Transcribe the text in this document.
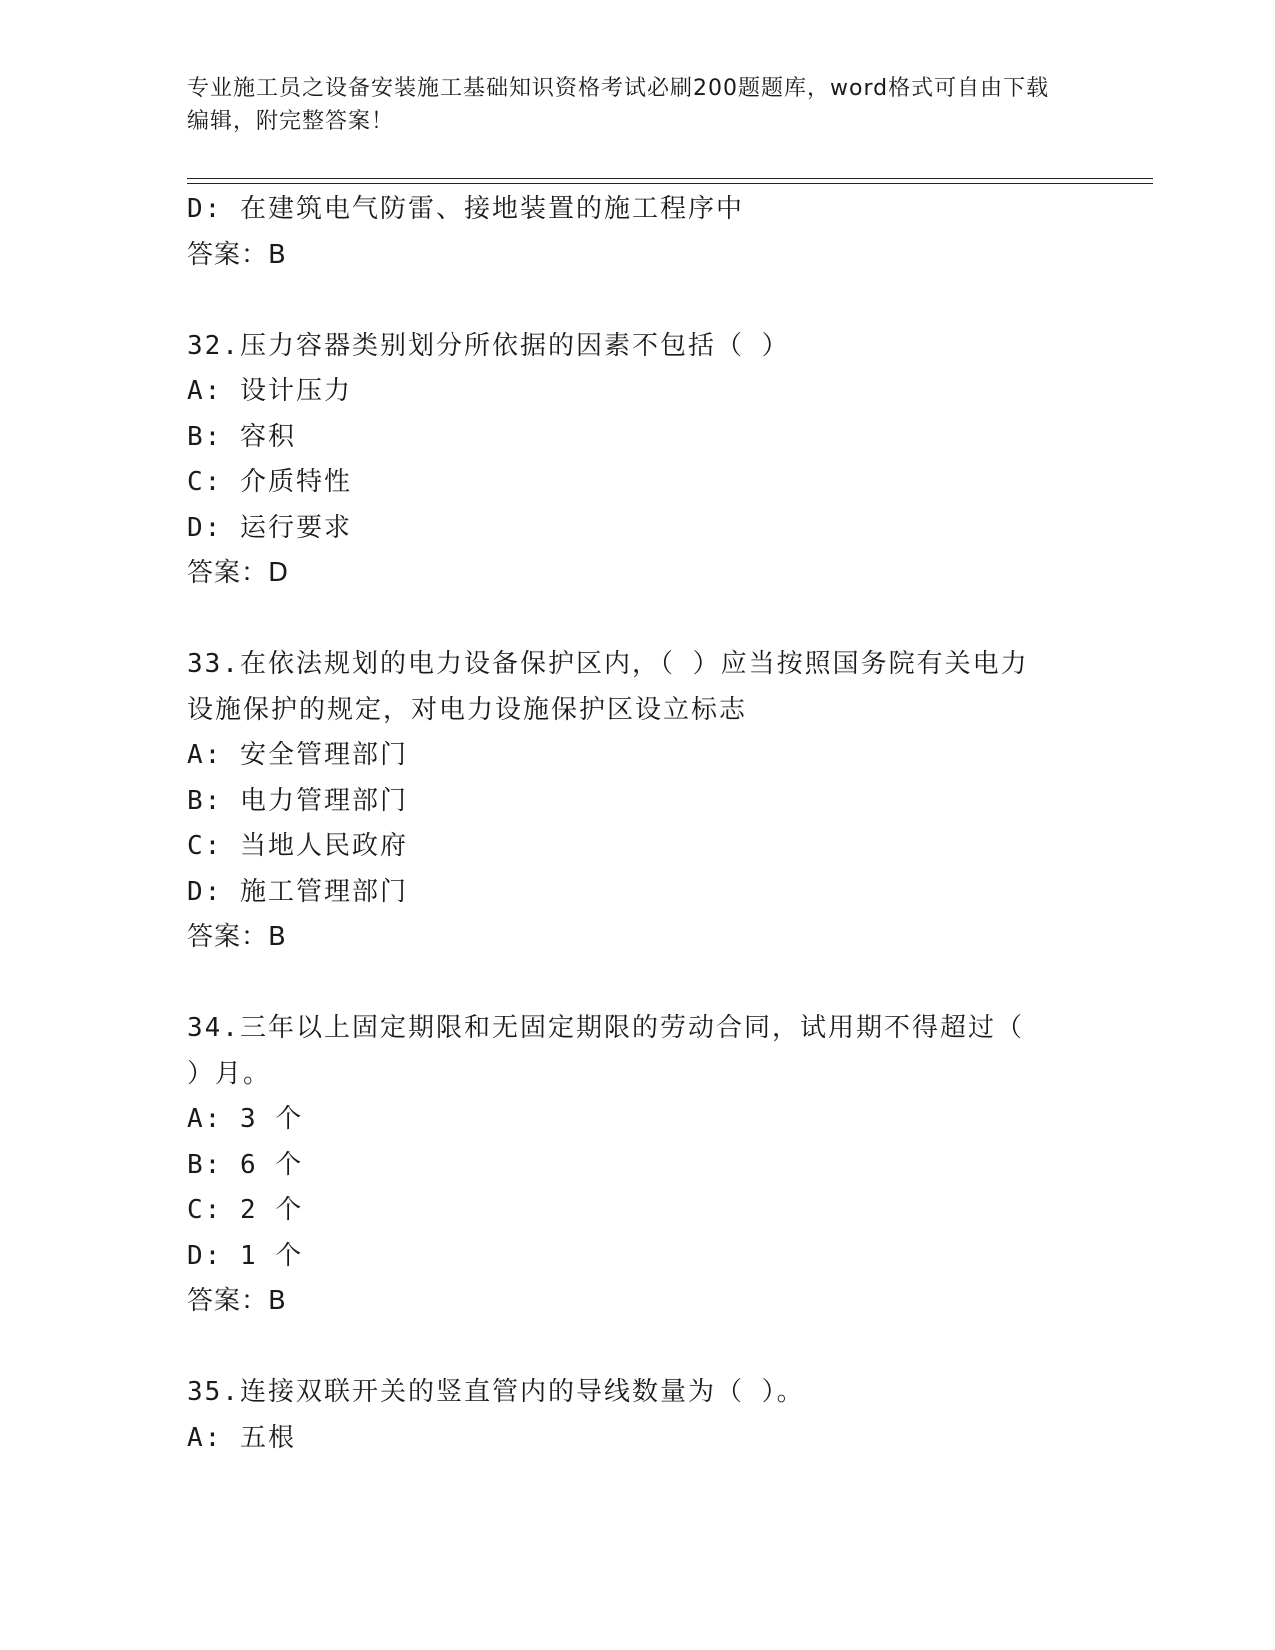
专业施工员之设备安装施工基础知识资格考试必刷200题题库，word格式可自由下载编辑，附完整答案！
D: 在建筑电气防雷、接地装置的施工程序中
答案：B
32.压力容器类别划分所依据的因素不包括（ ）
A: 设计压力
B: 容积
C: 介质特性
D: 运行要求
答案：D
33.在依法规划的电力设备保护区内，（ ）应当按照国务院有关电力
设施保护的规定，对电力设施保护区设立标志
A: 安全管理部门
B: 电力管理部门
C: 当地人民政府
D: 施工管理部门
答案：B
34.三年以上固定期限和无固定期限的劳动合同，试用期不得超过（
）月。
A: 3 个
B: 6 个
C: 2 个
D: 1 个
答案：B
35.连接双联开关的竖直管内的导线数量为（ ）。
A: 五根
